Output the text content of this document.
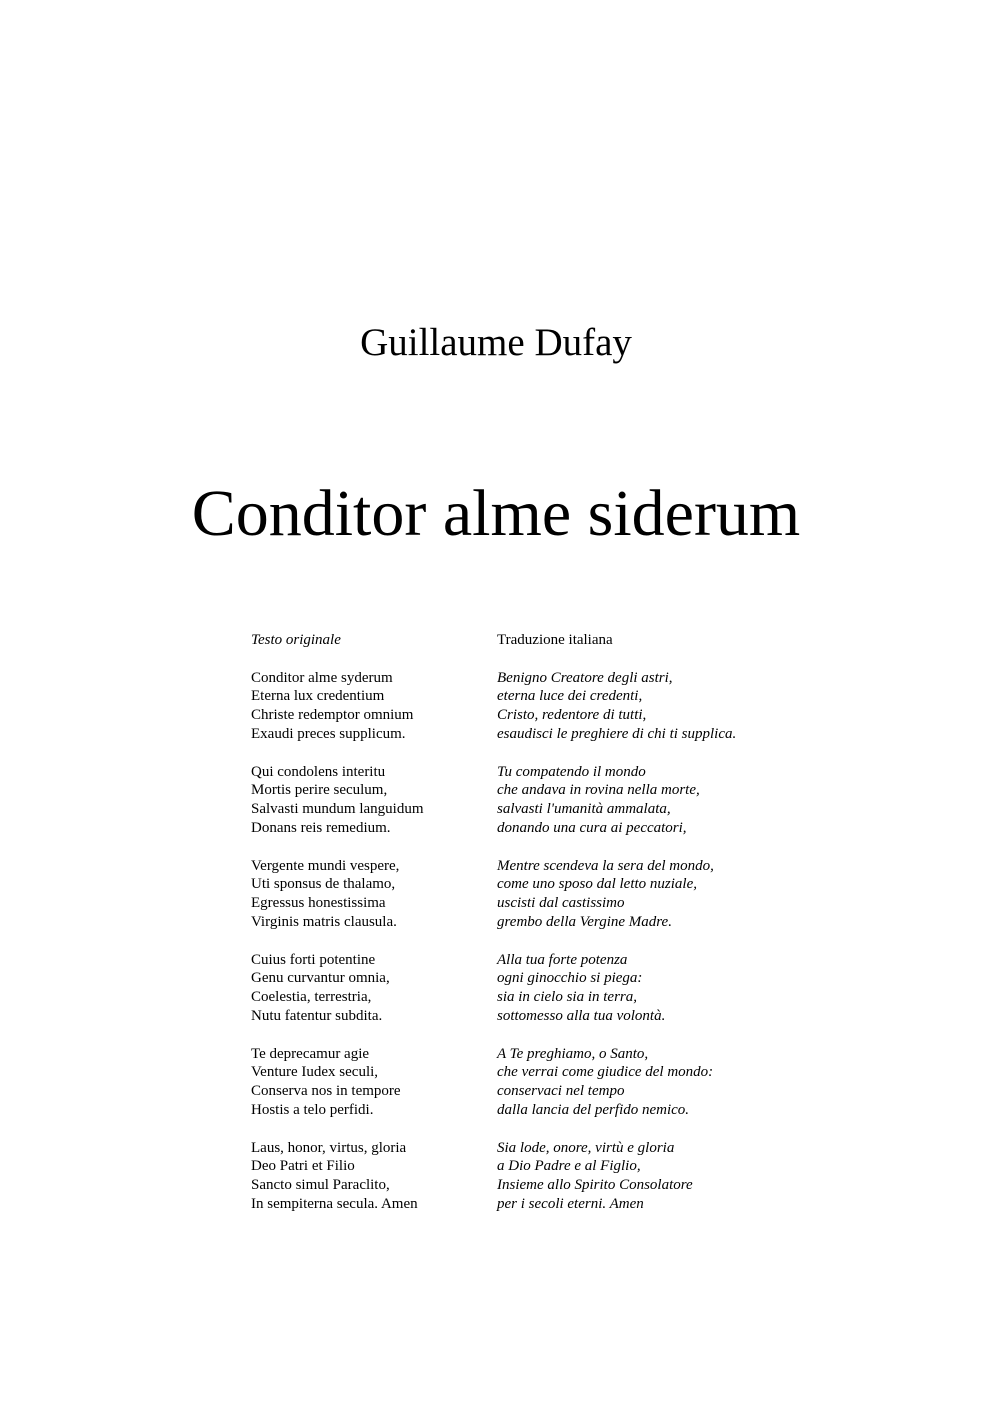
Guillaume Dufay
Conditor alme siderum
Testo originale	Traduzione italiana
Conditor alme syderum
Eterna lux credentium
Christe redemptor omnium
Exaudi preces supplicum.
Benigno Creatore degli astri,
eterna luce dei credenti,
Cristo, redentore di tutti,
esaudisci le preghiere di chi ti supplica.
Qui condolens interitu
Mortis perire seculum,
Salvasti mundum languidum
Donans reis remedium.
Tu compatendo il mondo
che andava in rovina nella morte,
salvasti l'umanità ammalata,
donando una cura ai peccatori,
Vergente mundi vespere,
Uti sponsus de thalamo,
Egressus honestissima
Virginis matris clausula.
Mentre scendeva la sera del mondo,
come uno sposo dal letto nuziale,
uscisti dal castissimo
grembo della Vergine Madre.
Cuius forti potentine
Genu curvantur omnia,
Coelestia, terrestria,
Nutu fatentur subdita.
Alla tua forte potenza
ogni ginocchio si piega:
sia in cielo sia in terra,
sottomesso alla tua volontà.
Te deprecamur agie
Venture Iudex seculi,
Conserva nos in tempore
Hostis a telo perfidi.
A Te preghiamo, o Santo,
che verrai come giudice del mondo:
conservaci nel tempo
dalla lancia del perfido nemico.
Laus, honor, virtus, gloria
Deo Patri et Filio
Sancto simul Paraclito,
In sempiterna secula. Amen
Sia lode, onore, virtù e gloria
a Dio Padre e al Figlio,
Insieme allo Spirito Consolatore
per i secoli eterni. Amen
